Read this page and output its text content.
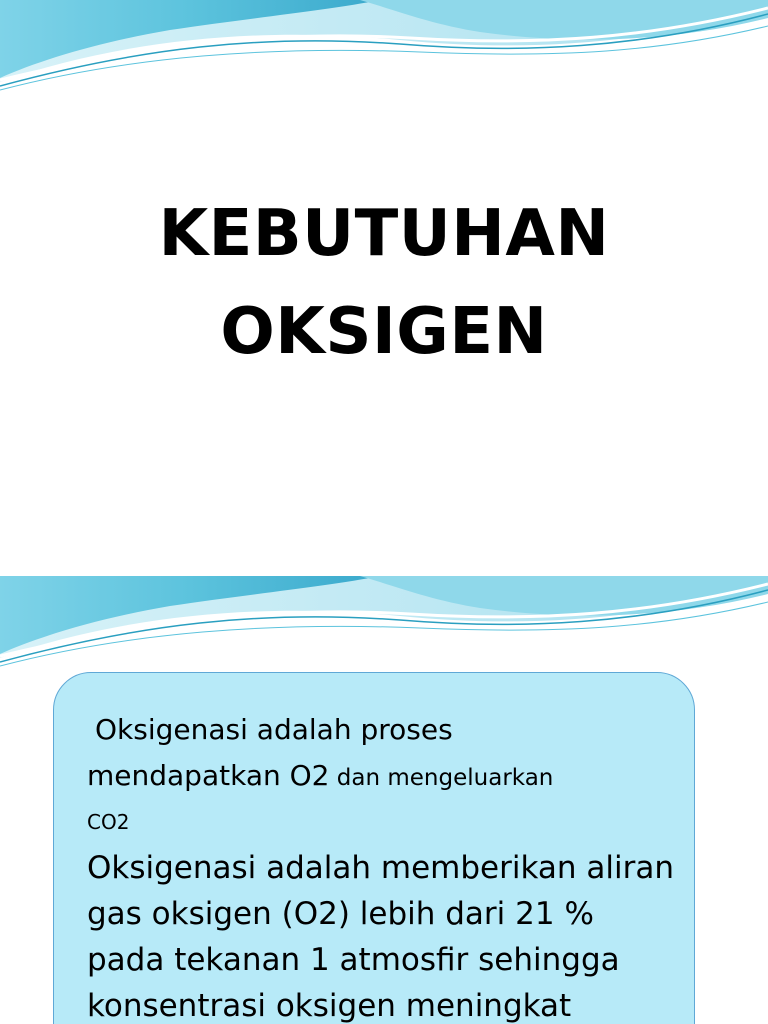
KEBUTUHAN
OKSIGEN

Oksigenasi adalah proses
mendapatkan O2 dan mengeluarkan
CO2

Oksigenasi adalah memberikan aliran gas oksigen (O2) lebih dari 21 % pada tekanan 1 atmosfir sehingga konsentrasi oksigen meningkat
